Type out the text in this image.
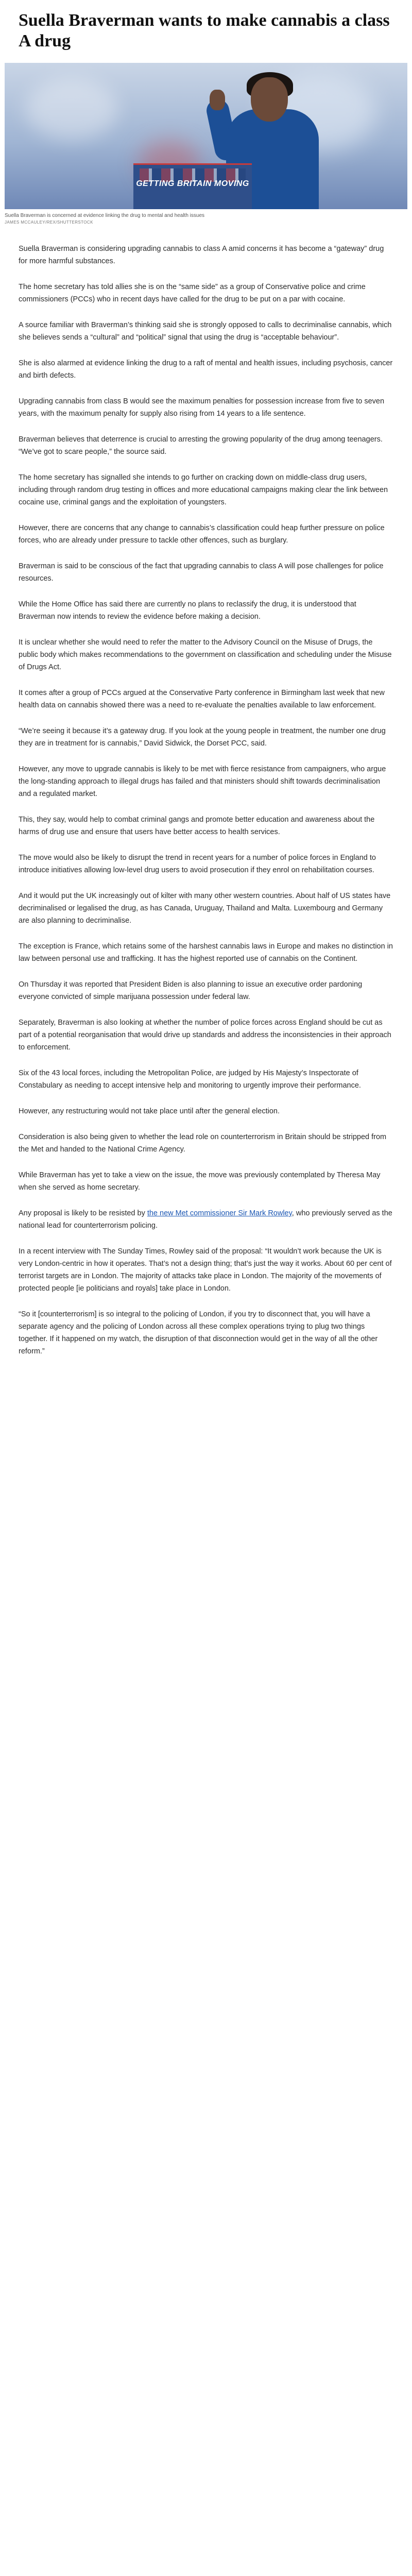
Suella Braverman wants to make cannabis a class A drug
GETTING BRITAIN MOVING
Suella Braverman is concerned at evidence linking the drug to mental and health issues
JAMES MCCAULEY/REX/SHUTTERSTOCK

Suella Braverman is considering upgrading cannabis to class A amid concerns it has become a “gateway” drug for more harmful substances.

The home secretary has told allies she is on the “same side” as a group of Conservative police and crime commissioners (PCCs) who in recent days have called for the drug to be put on a par with cocaine.

A source familiar with Braverman’s thinking said she is strongly opposed to calls to decriminalise cannabis, which she believes sends a “cultural” and “political” signal that using the drug is “acceptable behaviour”.

She is also alarmed at evidence linking the drug to a raft of mental and health issues, including psychosis, cancer and birth defects.

Upgrading cannabis from class B would see the maximum penalties for possession increase from five to seven years, with the maximum penalty for supply also rising from 14 years to a life sentence.

Braverman believes that deterrence is crucial to arresting the growing popularity of the drug among teenagers. “We’ve got to scare people,” the source said.

The home secretary has signalled she intends to go further on cracking down on middle-class drug users, including through random drug testing in offices and more educational campaigns making clear the link between cocaine use, criminal gangs and the exploitation of youngsters.

However, there are concerns that any change to cannabis’s classification could heap further pressure on police forces, who are already under pressure to tackle other offences, such as burglary.

Braverman is said to be conscious of the fact that upgrading cannabis to class A will pose challenges for police resources.

While the Home Office has said there are currently no plans to reclassify the drug, it is understood that Braverman now intends to review the evidence before making a decision.

It is unclear whether she would need to refer the matter to the Advisory Council on the Misuse of Drugs, the public body which makes recommendations to the government on classification and scheduling under the Misuse of Drugs Act.

It comes after a group of PCCs argued at the Conservative Party conference in Birmingham last week that new health data on cannabis showed there was a need to re-evaluate the penalties available to law enforcement.

“We’re seeing it because it’s a gateway drug. If you look at the young people in treatment, the number one drug they are in treatment for is cannabis,” David Sidwick, the Dorset PCC, said.

However, any move to upgrade cannabis is likely to be met with fierce resistance from campaigners, who argue the long-standing approach to illegal drugs has failed and that ministers should shift towards decriminalisation and a regulated market.

This, they say, would help to combat criminal gangs and promote better education and awareness about the harms of drug use and ensure that users have better access to health services.

The move would also be likely to disrupt the trend in recent years for a number of police forces in England to introduce initiatives allowing low-level drug users to avoid prosecution if they enrol on rehabilitation courses.

And it would put the UK increasingly out of kilter with many other western countries. About half of US states have decriminalised or legalised the drug, as has Canada, Uruguay, Thailand and Malta. Luxembourg and Germany are also planning to decriminalise.

The exception is France, which retains some of the harshest cannabis laws in Europe and makes no distinction in law between personal use and trafficking. It has the highest reported use of cannabis on the Continent.

On Thursday it was reported that President Biden is also planning to issue an executive order pardoning everyone convicted of simple marijuana possession under federal law.

Separately, Braverman is also looking at whether the number of police forces across England should be cut as part of a potential reorganisation that would drive up standards and address the inconsistencies in their approach to enforcement.

Six of the 43 local forces, including the Metropolitan Police, are judged by His Majesty’s Inspectorate of Constabulary as needing to accept intensive help and monitoring to urgently improve their performance.

However, any restructuring would not take place until after the general election.

Consideration is also being given to whether the lead role on counterterrorism in Britain should be stripped from the Met and handed to the National Crime Agency.

While Braverman has yet to take a view on the issue, the move was previously contemplated by Theresa May when she served as home secretary.

Any proposal is likely to be resisted by the new Met commissioner Sir Mark Rowley, who previously served as the national lead for counterterrorism policing.

In a recent interview with The Sunday Times, Rowley said of the proposal: “It wouldn’t work because the UK is very London-centric in how it operates. That’s not a design thing; that’s just the way it works. About 60 per cent of terrorist targets are in London. The majority of attacks take place in London. The majority of the movements of protected people [ie politicians and royals] take place in London.

“So it [counterterrorism] is so integral to the policing of London, if you try to disconnect that, you will have a separate agency and the policing of London across all these complex operations trying to plug two things together. If it happened on my watch, the disruption of that disconnection would get in the way of all the other reform.”
